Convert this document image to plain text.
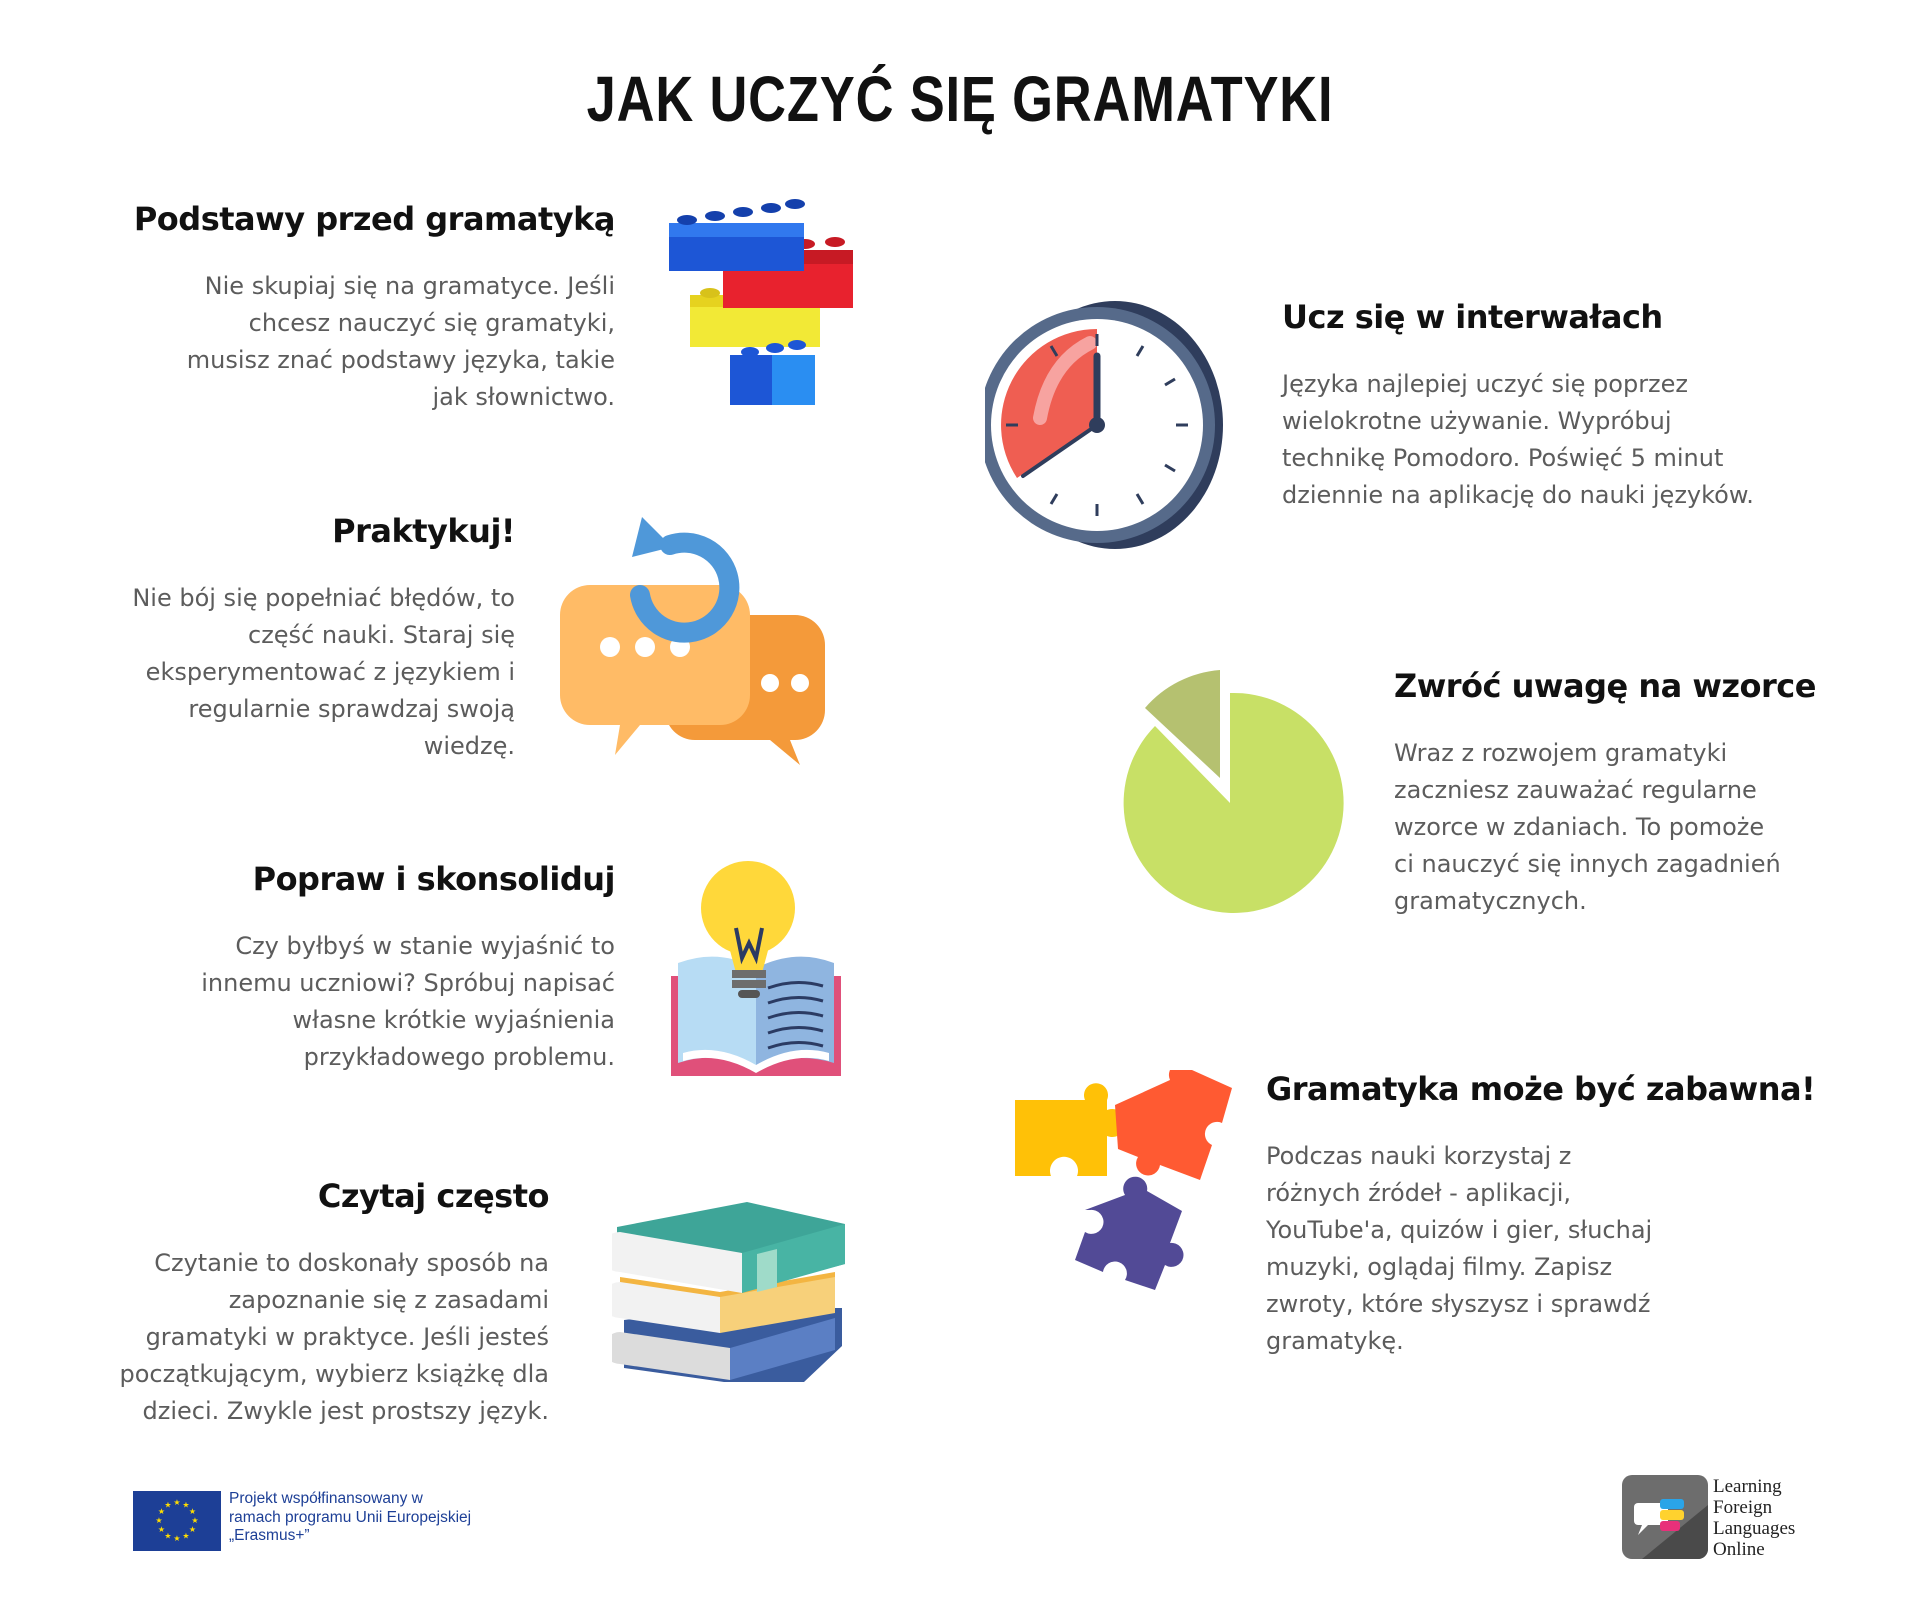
JAK UCZYĆ SIĘ GRAMATYKI
Podstawy przed gramatyką

Nie skupiaj się na gramatyce. Jeśli
chcesz nauczyć się gramatyki,
musisz znać podstawy języka, takie
jak słownictwo.

Praktykuj!

Nie bój się popełniać błędów, to
część nauki. Staraj się
eksperymentować z językiem i
regularnie sprawdzaj swoją
wiedzę.

Popraw i skonsoliduj

Czy byłbyś w stanie wyjaśnić to
innemu uczniowi? Spróbuj napisać
własne krótkie wyjaśnienia
przykładowego problemu.

Czytaj często

Czytanie to doskonały sposób na
zapoznanie się z zasadami
gramatyki w praktyce. Jeśli jesteś
początkującym, wybierz książkę dla
dzieci. Zwykle jest prostszy język.

Ucz się w interwałach

Języka najlepiej uczyć się poprzez
wielokrotne używanie. Wypróbuj
technikę Pomodoro. Poświęć 5 minut
dziennie na aplikację do nauki języków.

Zwróć uwagę na wzorce

Wraz z rozwojem gramatyki
zaczniesz zauważać regularne
wzorce w zdaniach. To pomoże
ci nauczyć się innych zagadnień
gramatycznych.

Gramatyka może być zabawna!

Podczas nauki korzystaj z
różnych źródeł - aplikacji,
YouTube'a, quizów i gier, słuchaj
muzyki, oglądaj filmy. Zapisz
zwroty, które słyszysz i sprawdź
gramatykę.

★ ★
★
★
★
★
★
★
★
★
★
★	Projekt współfinansowany w
ramach programu Unii Europejskiej
„Erasmus+”
Learning
Foreign
Languages
Online
